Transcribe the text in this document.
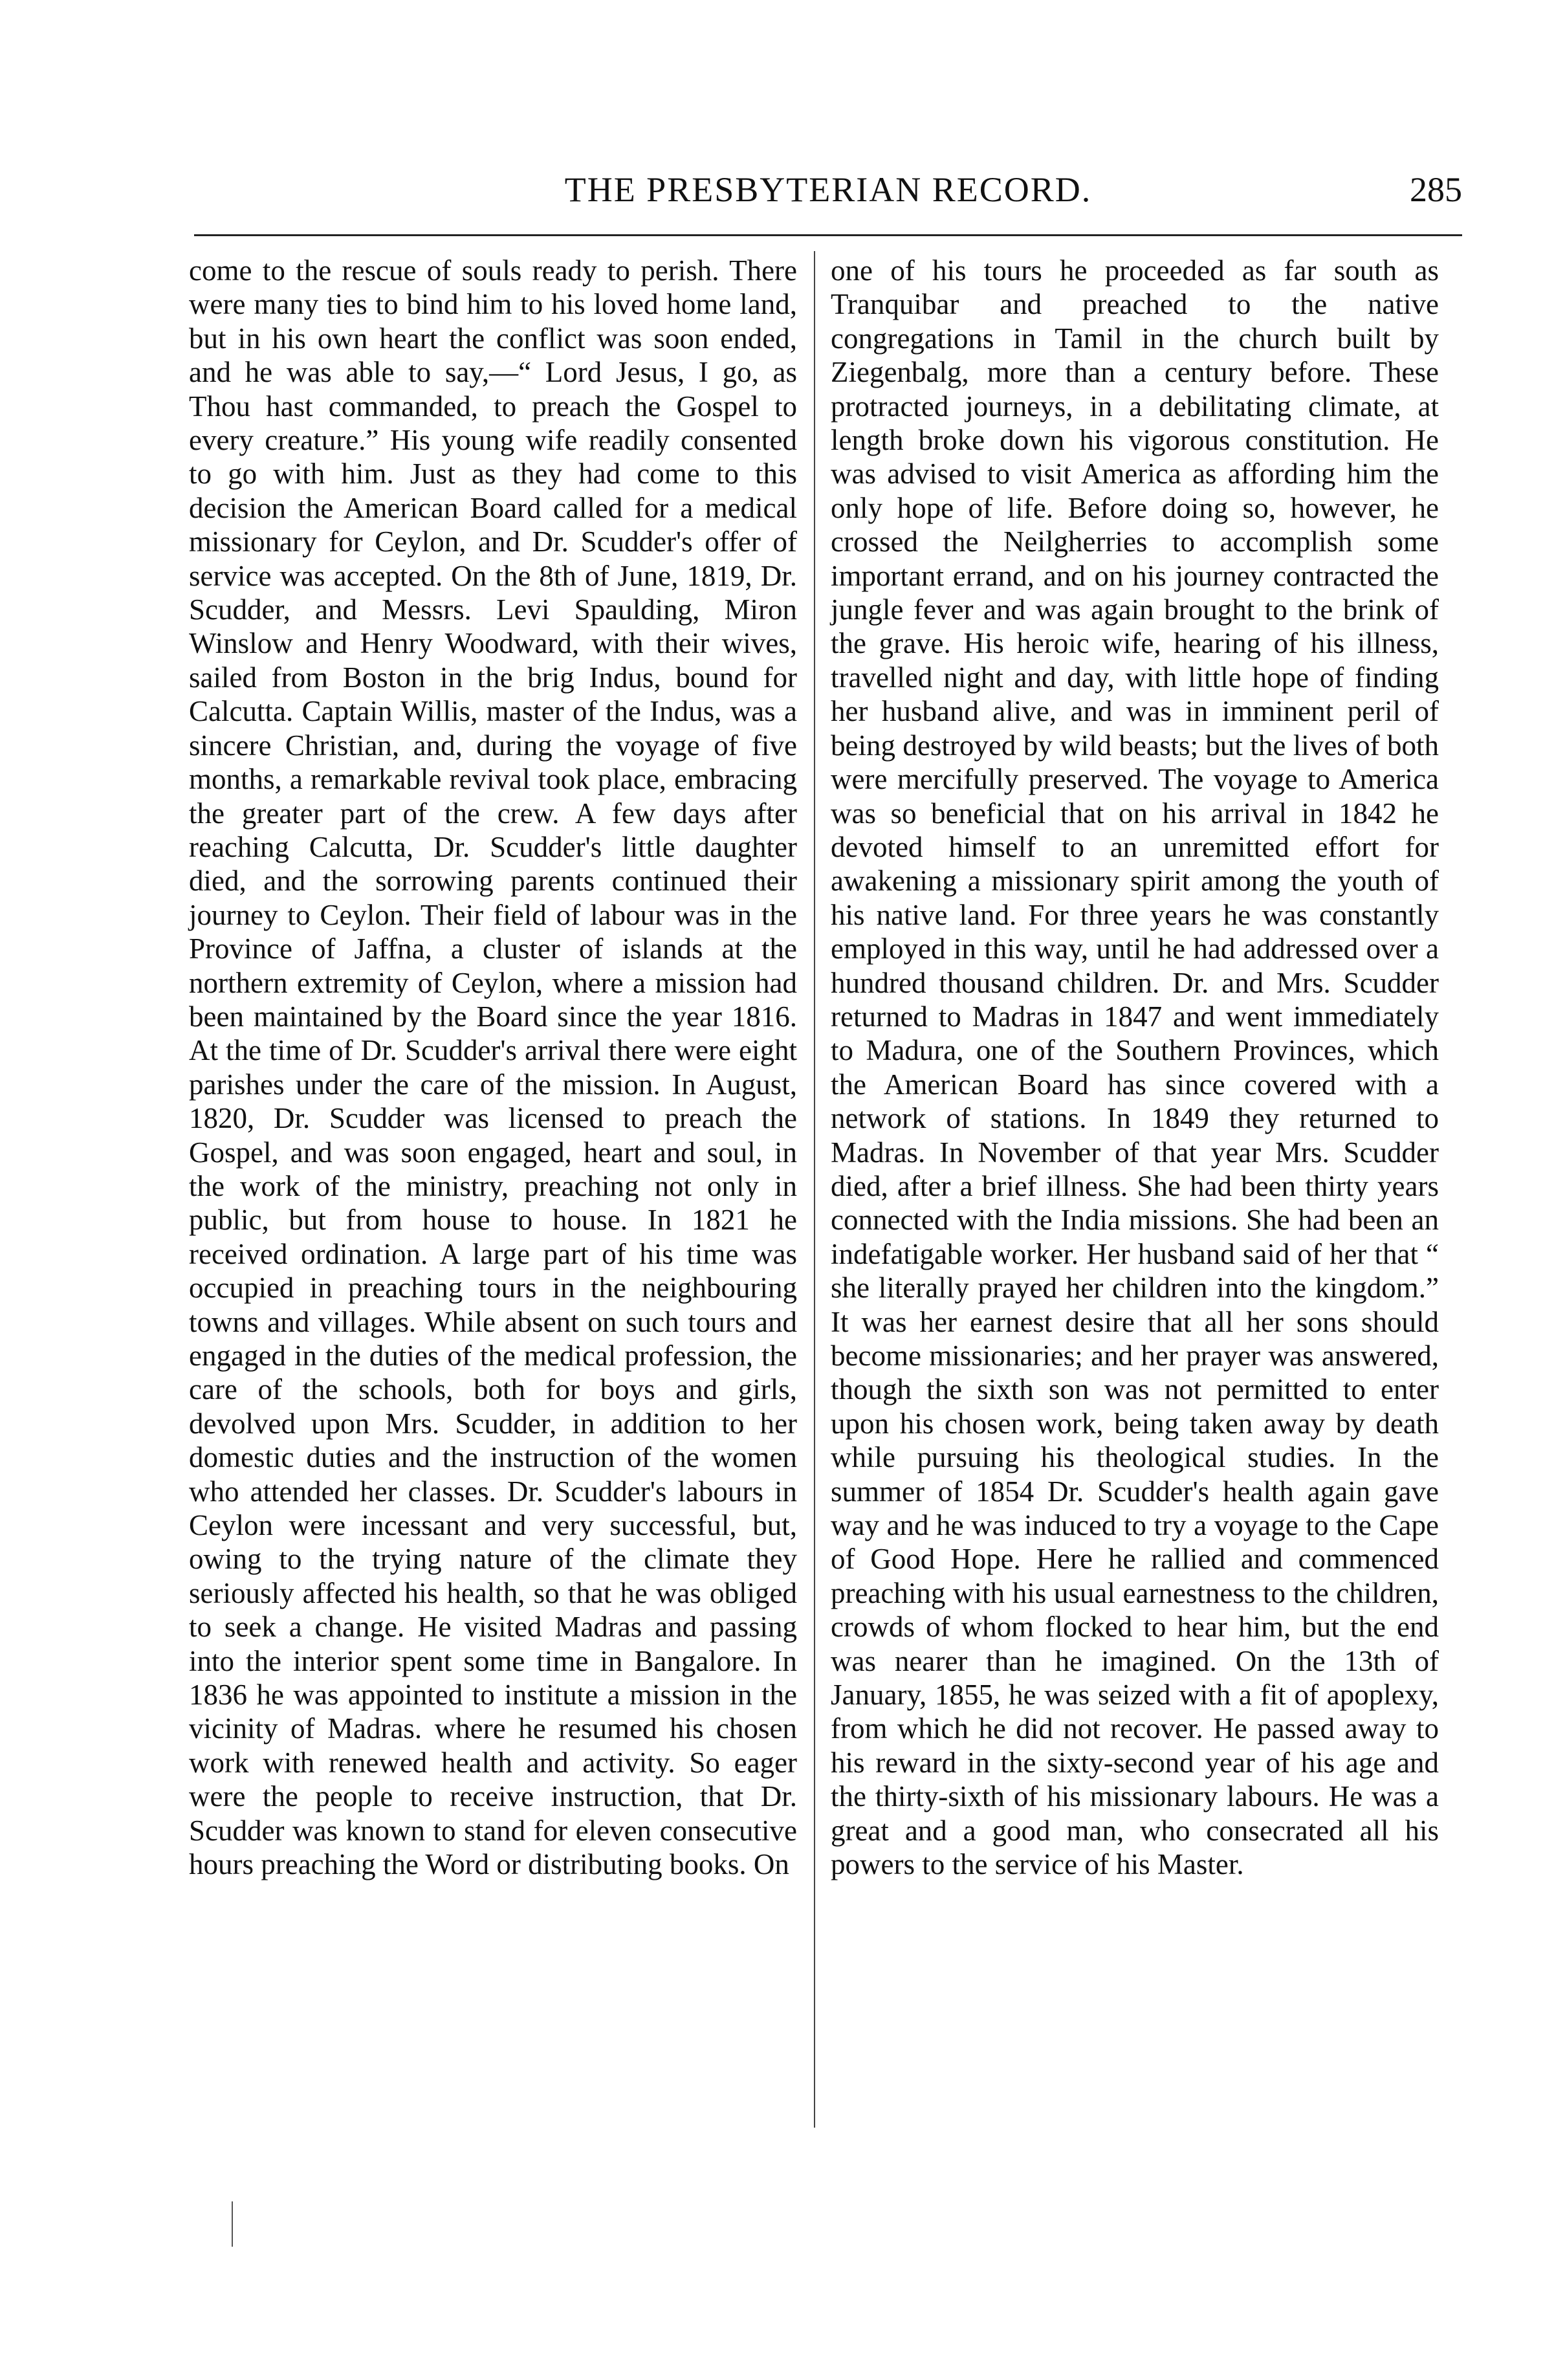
THE PRESBYTERIAN RECORD.	285

come to the rescue of souls ready to perish. There were many ties to bind him to his loved home land, but in his own heart the conflict was soon ended, and he was able to say,—“ Lord Jesus, I go, as Thou hast commanded, to preach the Gospel to every creature.” His young wife readily consented to go with him. Just as they had come to this decision the American Board called for a medical missionary for Ceylon, and Dr. Scudder's offer of service was accepted. On the 8th of June, 1819, Dr. Scudder, and Messrs. Levi Spaulding, Miron Winslow and Henry Woodward, with their wives, sailed from Boston in the brig Indus, bound for Calcutta. Captain Willis, master of the Indus, was a sincere Christian, and, during the voyage of five months, a remarkable revival took place, embracing the greater part of the crew. A few days after reaching Calcutta, Dr. Scudder's little daughter died, and the sorrowing parents continued their journey to Ceylon. Their field of labour was in the Province of Jaffna, a cluster of islands at the northern extremity of Ceylon, where a mission had been maintained by the Board since the year 1816. At the time of Dr. Scudder's arrival there were eight parishes under the care of the mission. In August, 1820, Dr. Scudder was licensed to preach the Gospel, and was soon engaged, heart and soul, in the work of the ministry, preaching not only in public, but from house to house. In 1821 he received ordination. A large part of his time was occupied in preaching tours in the neighbouring towns and villages. While absent on such tours and engaged in the duties of the medical profession, the care of the schools, both for boys and girls, devolved upon Mrs. Scudder, in addition to her domestic duties and the instruction of the women who attended her classes. Dr. Scudder's labours in Ceylon were incessant and very successful, but, owing to the trying nature of the climate they seriously affected his health, so that he was obliged to seek a change. He visited Madras and passing into the interior spent some time in Bangalore. In 1836 he was appointed to institute a mission in the vicinity of Madras. where he resumed his chosen work with renewed health and activity. So eager were the people to receive instruction, that Dr. Scudder was known to stand for eleven consecutive hours preaching the Word or distributing books. On

one of his tours he proceeded as far south as Tranquibar and preached to the native congregations in Tamil in the church built by Ziegenbalg, more than a century before. These protracted journeys, in a debilitating climate, at length broke down his vigorous constitution. He was advised to visit America as affording him the only hope of life. Before doing so, however, he crossed the Neilgherries to accomplish some important errand, and on his journey contracted the jungle fever and was again brought to the brink of the grave. His heroic wife, hearing of his illness, travelled night and day, with little hope of finding her husband alive, and was in imminent peril of being destroyed by wild beasts; but the lives of both were mercifully preserved. The voyage to America was so beneficial that on his arrival in 1842 he devoted himself to an unremitted effort for awakening a missionary spirit among the youth of his native land. For three years he was constantly employed in this way, until he had addressed over a hundred thousand children. Dr. and Mrs. Scudder returned to Madras in 1847 and went immediately to Madura, one of the Southern Provinces, which the American Board has since covered with a network of stations. In 1849 they returned to Madras. In November of that year Mrs. Scudder died, after a brief illness. She had been thirty years connected with the India missions. She had been an indefatigable worker. Her husband said of her that “ she literally prayed her children into the kingdom.” It was her earnest desire that all her sons should become missionaries; and her prayer was answered, though the sixth son was not permitted to enter upon his chosen work, being taken away by death while pursuing his theological studies. In the summer of 1854 Dr. Scudder's health again gave way and he was induced to try a voyage to the Cape of Good Hope. Here he rallied and commenced preaching with his usual earnestness to the children, crowds of whom flocked to hear him, but the end was nearer than he imagined. On the 13th of January, 1855, he was seized with a fit of apoplexy, from which he did not recover. He passed away to his reward in the sixty-second year of his age and the thirty-sixth of his missionary labours. He was a great and a good man, who consecrated all his powers to the service of his Master.
